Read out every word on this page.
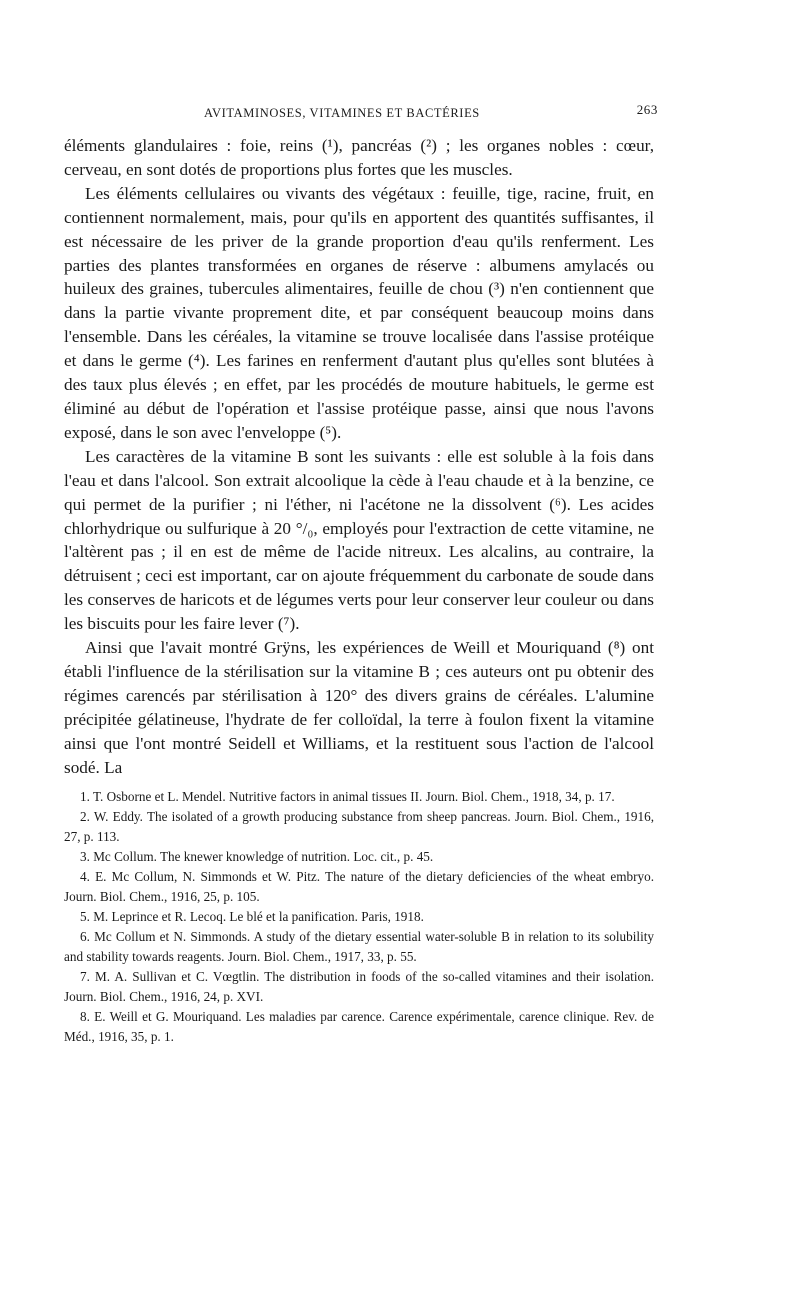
AVITAMINOSES, VITAMINES ET BACTÉRIES	263

éléments glandulaires : foie, reins (¹), pancréas (²) ; les organes nobles : cœur, cerveau, en sont dotés de proportions plus fortes que les muscles.

Les éléments cellulaires ou vivants des végétaux : feuille, tige, racine, fruit, en contiennent normalement, mais, pour qu'ils en apportent des quantités suffisantes, il est nécessaire de les priver de la grande proportion d'eau qu'ils renferment. Les parties des plantes transformées en organes de réserve : albumens amylacés ou huileux des graines, tubercules alimentaires, feuille de chou (³) n'en contiennent que dans la partie vivante proprement dite, et par conséquent beaucoup moins dans l'ensemble. Dans les céréales, la vitamine se trouve localisée dans l'assise protéique et dans le germe (⁴). Les farines en renferment d'autant plus qu'elles sont blutées à des taux plus élevés ; en effet, par les procédés de mouture habituels, le germe est éliminé au début de l'opération et l'assise protéique passe, ainsi que nous l'avons exposé, dans le son avec l'enveloppe (⁵).

Les caractères de la vitamine B sont les suivants : elle est soluble à la fois dans l'eau et dans l'alcool. Son extrait alcoolique la cède à l'eau chaude et à la benzine, ce qui permet de la purifier ; ni l'éther, ni l'acétone ne la dissolvent (⁶). Les acides chlorhydrique ou sulfurique à 20 °/₀, employés pour l'extraction de cette vitamine, ne l'altèrent pas ; il en est de même de l'acide nitreux. Les alcalins, au contraire, la détruisent ; ceci est important, car on ajoute fréquemment du carbonate de soude dans les conserves de haricots et de légumes verts pour leur conserver leur couleur ou dans les biscuits pour les faire lever (⁷).

Ainsi que l'avait montré Grÿns, les expériences de Weill et Mouriquand (⁸) ont établi l'influence de la stérilisation sur la vitamine B ; ces auteurs ont pu obtenir des régimes carencés par stérilisation à 120° des divers grains de céréales. L'alumine précipitée gélatineuse, l'hydrate de fer colloïdal, la terre à foulon fixent la vitamine ainsi que l'ont montré Seidell et Williams, et la restituent sous l'action de l'alcool sodé. La

1. T. Osborne et L. Mendel. Nutritive factors in animal tissues II. Journ. Biol. Chem., 1918, 34, p. 17.

2. W. Eddy. The isolated of a growth producing substance from sheep pancreas. Journ. Biol. Chem., 1916, 27, p. 113.

3. Mc Collum. The knewer knowledge of nutrition. Loc. cit., p. 45.

4. E. Mc Collum, N. Simmonds et W. Pitz. The nature of the dietary deficiencies of the wheat embryo. Journ. Biol. Chem., 1916, 25, p. 105.

5. M. Leprince et R. Lecoq. Le blé et la panification. Paris, 1918.

6. Mc Collum et N. Simmonds. A study of the dietary essential water-soluble B in relation to its solubility and stability towards reagents. Journ. Biol. Chem., 1917, 33, p. 55.

7. M. A. Sullivan et C. Vœgtlin. The distribution in foods of the so-called vitamines and their isolation. Journ. Biol. Chem., 1916, 24, p. XVI.

8. E. Weill et G. Mouriquand. Les maladies par carence. Carence expérimentale, carence clinique. Rev. de Méd., 1916, 35, p. 1.
